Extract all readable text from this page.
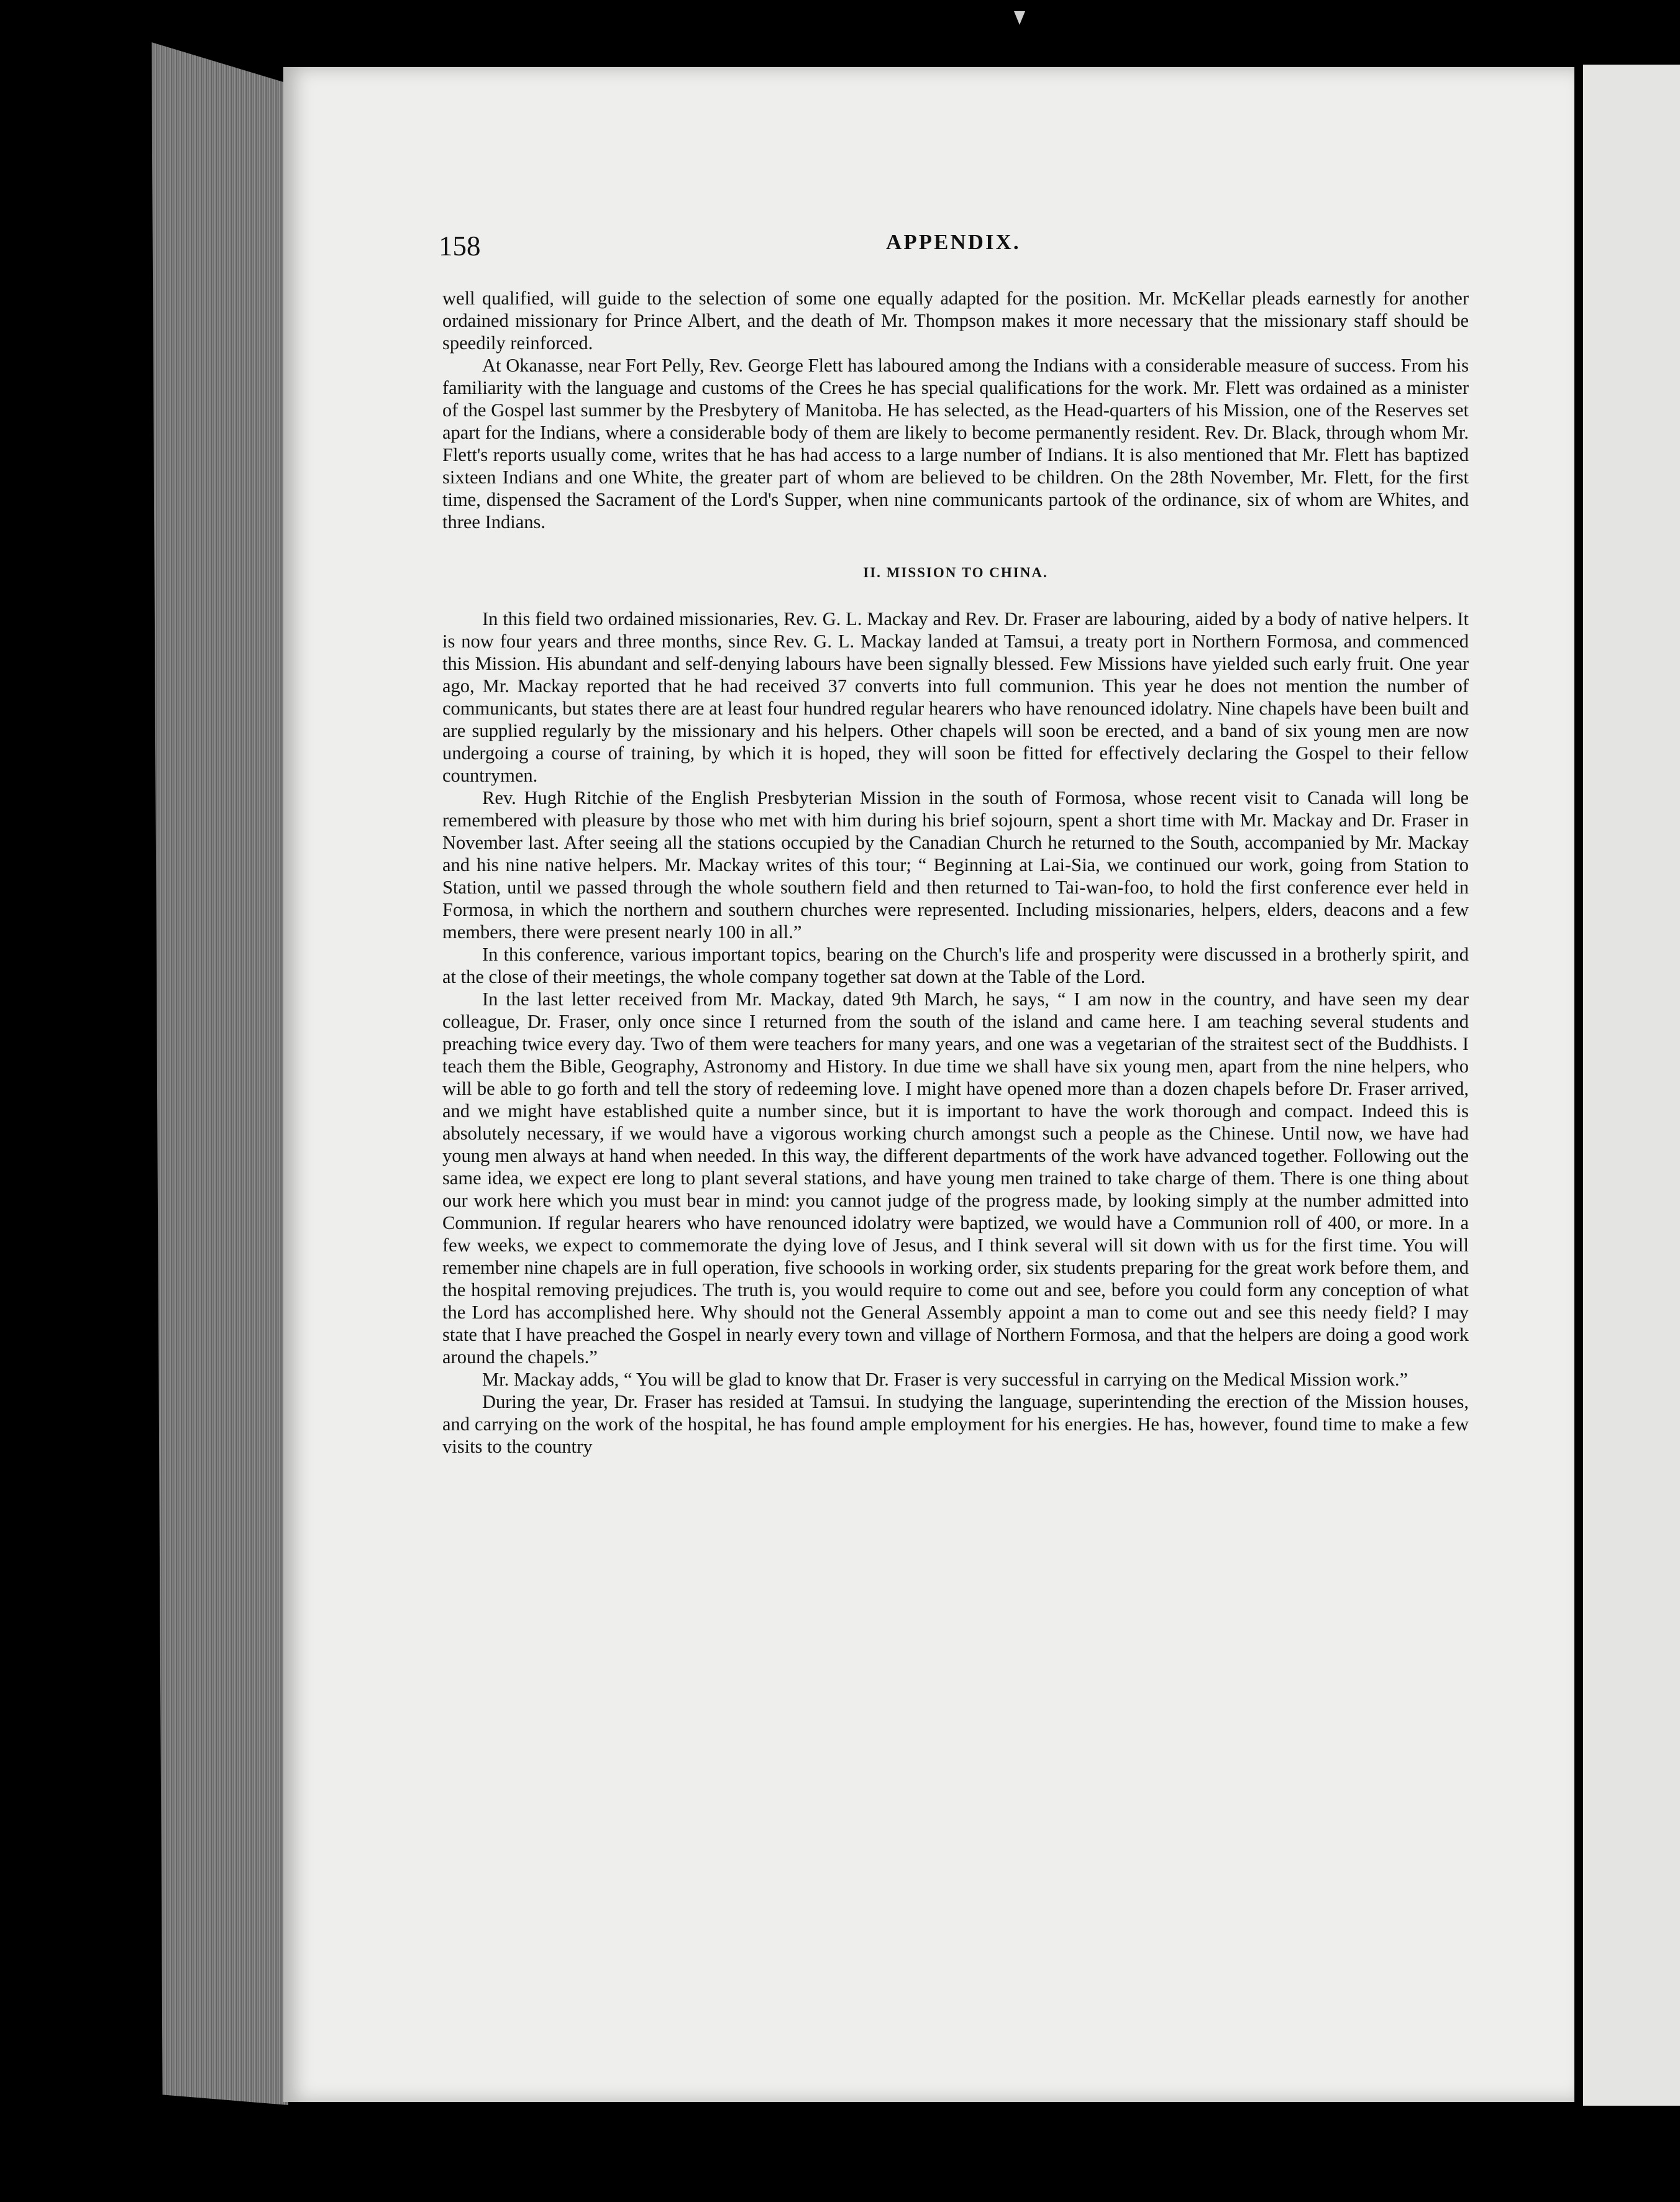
158	APPENDIX.

well qualified, will guide to the selection of some one equally adapted for the position. Mr. McKellar pleads earnestly for another ordained missionary for Prince Albert, and the death of Mr. Thompson makes it more necessary that the missionary staff should be speedily reinforced.

At Okanasse, near Fort Pelly, Rev. George Flett has laboured among the Indians with a considerable measure of success. From his familiarity with the language and customs of the Crees he has special qualifications for the work. Mr. Flett was ordained as a minister of the Gospel last summer by the Presbytery of Manitoba. He has selected, as the Head-quarters of his Mission, one of the Reserves set apart for the Indians, where a considerable body of them are likely to become permanently resident. Rev. Dr. Black, through whom Mr. Flett's reports usually come, writes that he has had access to a large number of Indians. It is also mentioned that Mr. Flett has baptized sixteen Indians and one White, the greater part of whom are believed to be children. On the 28th November, Mr. Flett, for the first time, dispensed the Sacrament of the Lord's Supper, when nine communicants partook of the ordinance, six of whom are Whites, and three Indians.

II. MISSION TO CHINA.

In this field two ordained missionaries, Rev. G. L. Mackay and Rev. Dr. Fraser are labouring, aided by a body of native helpers. It is now four years and three months, since Rev. G. L. Mackay landed at Tamsui, a treaty port in Northern Formosa, and commenced this Mission. His abundant and self-denying labours have been signally blessed. Few Missions have yielded such early fruit. One year ago, Mr. Mackay reported that he had received 37 converts into full communion. This year he does not mention the number of communicants, but states there are at least four hundred regular hearers who have renounced idolatry. Nine chapels have been built and are supplied regularly by the missionary and his helpers. Other chapels will soon be erected, and a band of six young men are now undergoing a course of training, by which it is hoped, they will soon be fitted for effectively declaring the Gospel to their fellow countrymen.

Rev. Hugh Ritchie of the English Presbyterian Mission in the south of Formosa, whose recent visit to Canada will long be remembered with pleasure by those who met with him during his brief sojourn, spent a short time with Mr. Mackay and Dr. Fraser in November last. After seeing all the stations occupied by the Canadian Church he returned to the South, accompanied by Mr. Mackay and his nine native helpers. Mr. Mackay writes of this tour; “ Beginning at Lai-Sia, we continued our work, going from Station to Station, until we passed through the whole southern field and then returned to Tai-wan-foo, to hold the first conference ever held in Formosa, in which the northern and southern churches were represented. Including missionaries, helpers, elders, deacons and a few members, there were present nearly 100 in all.”

In this conference, various important topics, bearing on the Church's life and prosperity were discussed in a brotherly spirit, and at the close of their meetings, the whole company together sat down at the Table of the Lord.

In the last letter received from Mr. Mackay, dated 9th March, he says, “ I am now in the country, and have seen my dear colleague, Dr. Fraser, only once since I returned from the south of the island and came here. I am teaching several students and preaching twice every day. Two of them were teachers for many years, and one was a vegetarian of the straitest sect of the Buddhists. I teach them the Bible, Geography, Astronomy and History. In due time we shall have six young men, apart from the nine helpers, who will be able to go forth and tell the story of redeeming love. I might have opened more than a dozen chapels before Dr. Fraser arrived, and we might have established quite a number since, but it is important to have the work thorough and compact. Indeed this is absolutely necessary, if we would have a vigorous working church amongst such a people as the Chinese. Until now, we have had young men always at hand when needed. In this way, the different departments of the work have advanced together. Following out the same idea, we expect ere long to plant several stations, and have young men trained to take charge of them. There is one thing about our work here which you must bear in mind: you cannot judge of the progress made, by looking simply at the number admitted into Communion. If regular hearers who have renounced idolatry were baptized, we would have a Communion roll of 400, or more. In a few weeks, we expect to commemorate the dying love of Jesus, and I think several will sit down with us for the first time. You will remember nine chapels are in full operation, five schoools in working order, six students preparing for the great work before them, and the hospital removing prejudices. The truth is, you would require to come out and see, before you could form any conception of what the Lord has accomplished here. Why should not the General Assembly appoint a man to come out and see this needy field? I may state that I have preached the Gospel in nearly every town and village of Northern Formosa, and that the helpers are doing a good work around the chapels.”

Mr. Mackay adds, “ You will be glad to know that Dr. Fraser is very successful in carrying on the Medical Mission work.”

During the year, Dr. Fraser has resided at Tamsui. In studying the language, superintending the erection of the Mission houses, and carrying on the work of the hospital, he has found ample employment for his energies. He has, however, found time to make a few visits to the country
